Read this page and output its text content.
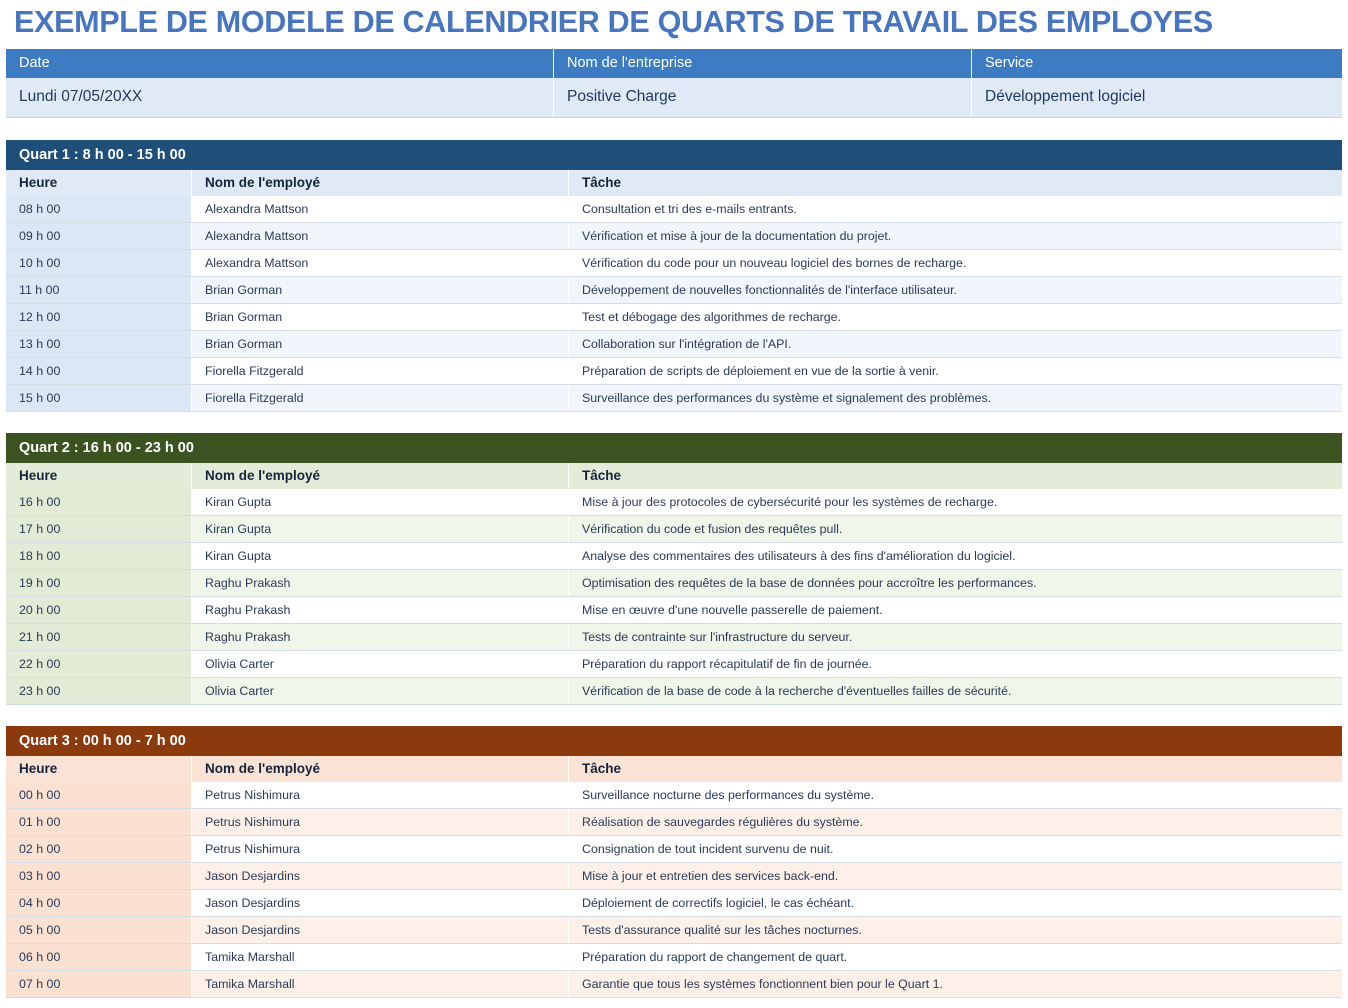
EXEMPLE DE MODELE DE CALENDRIER DE QUARTS DE TRAVAIL DES EMPLOYES
Date	Nom de l'entreprise	Service
Lundi 07/05/20XX	Positive Charge	Développement logiciel
Quart 1 : 8 h 00 - 15 h 00
Heure	Nom de l'employé	Tâche
08 h 00	Alexandra Mattson	Consultation et tri des e-mails entrants.
09 h 00	Alexandra Mattson	Vérification et mise à jour de la documentation du projet.
10 h 00	Alexandra Mattson	Vérification du code pour un nouveau logiciel des bornes de recharge.
11 h 00	Brian Gorman	Développement de nouvelles fonctionnalités de l'interface utilisateur.
12 h 00	Brian Gorman	Test et débogage des algorithmes de recharge.
13 h 00	Brian Gorman	Collaboration sur l'intégration de l'API.
14 h 00	Fiorella Fitzgerald	Préparation de scripts de déploiement en vue de la sortie à venir.
15 h 00	Fiorella Fitzgerald	Surveillance des performances du système et signalement des problèmes.
Quart 2 : 16 h 00 - 23 h 00
Heure	Nom de l'employé	Tâche
16 h 00	Kiran Gupta	Mise à jour des protocoles de cybersécurité pour les systèmes de recharge.
17 h 00	Kiran Gupta	Vérification du code et fusion des requêtes pull.
18 h 00	Kiran Gupta	Analyse des commentaires des utilisateurs à des fins d'amélioration du logiciel.
19 h 00	Raghu Prakash	Optimisation des requêtes de la base de données pour accroître les performances.
20 h 00	Raghu Prakash	Mise en œuvre d'une nouvelle passerelle de paiement.
21 h 00	Raghu Prakash	Tests de contrainte sur l'infrastructure du serveur.
22 h 00	Olivia Carter	Préparation du rapport récapitulatif de fin de journée.
23 h 00	Olivia Carter	Vérification de la base de code à la recherche d'éventuelles failles de sécurité.
Quart 3 : 00 h 00 - 7 h 00
Heure	Nom de l'employé	Tâche
00 h 00	Petrus Nishimura	Surveillance nocturne des performances du système.
01 h 00	Petrus Nishimura	Réalisation de sauvegardes régulières du système.
02 h 00	Petrus Nishimura	Consignation de tout incident survenu de nuit.
03 h 00	Jason Desjardins	Mise à jour et entretien des services back-end.
04 h 00	Jason Desjardins	Déploiement de correctifs logiciel, le cas échéant.
05 h 00	Jason Desjardins	Tests d'assurance qualité sur les tâches nocturnes.
06 h 00	Tamika Marshall	Préparation du rapport de changement de quart.
07 h 00	Tamika Marshall	Garantie que tous les systèmes fonctionnent bien pour le Quart 1.
